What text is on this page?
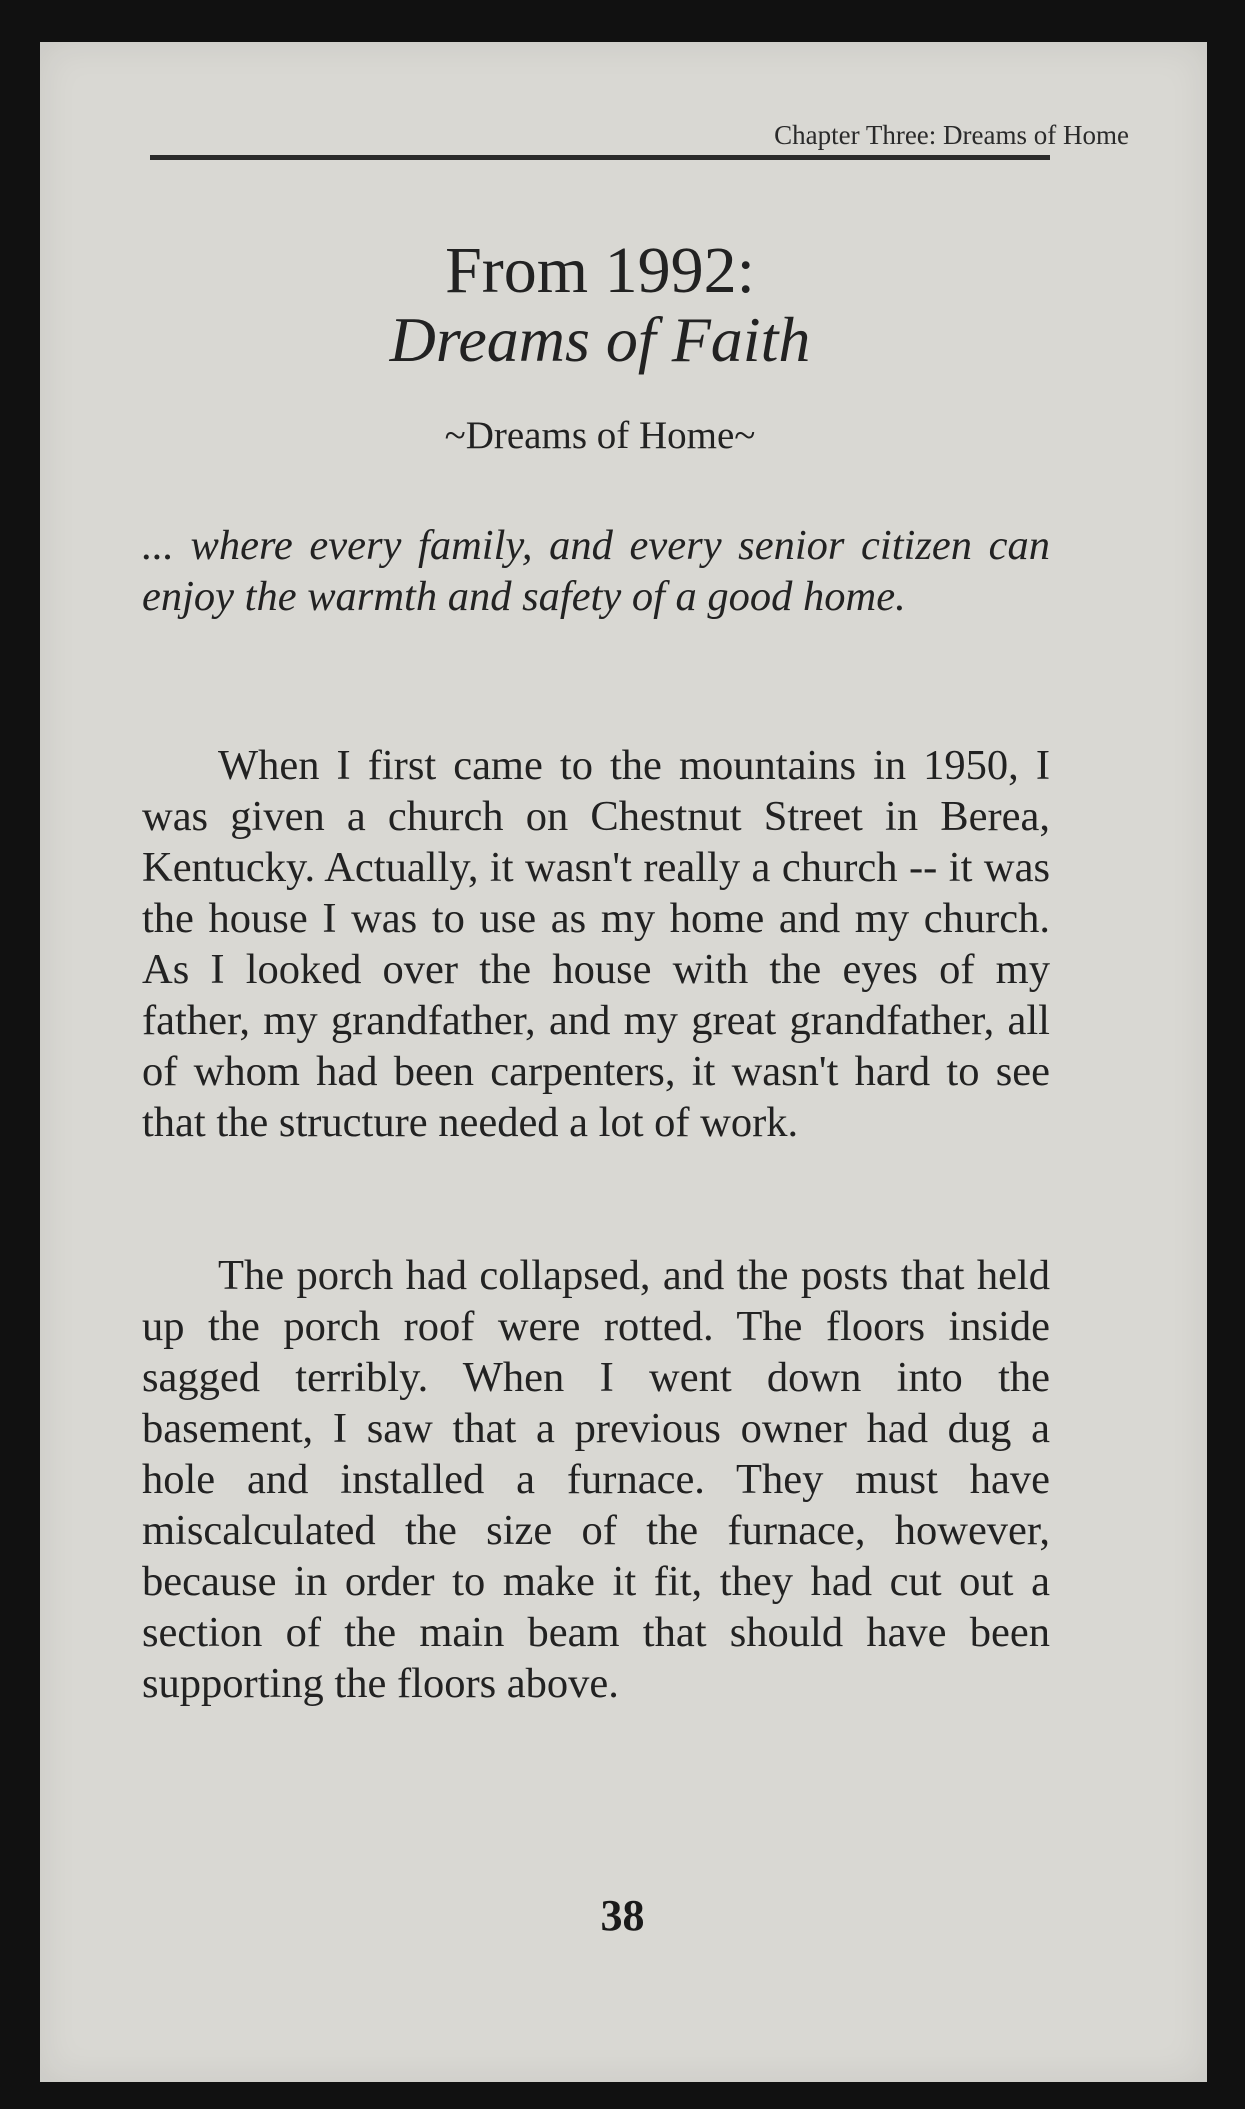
Chapter Three: Dreams of Home
From 1992:
Dreams of Faith
~Dreams of Home~

... where every family, and every senior citizen can enjoy the warmth and safety of a good home.

When I first came to the mountains in 1950, I was given a church on Chestnut Street in Berea, Kentucky. Actually, it wasn't really a church -- it was the house I was to use as my home and my church. As I looked over the house with the eyes of my father, my grandfather, and my great grandfather, all of whom had been carpenters, it wasn't hard to see that the structure needed a lot of work.

The porch had collapsed, and the posts that held up the porch roof were rotted. The floors inside sagged terribly. When I went down into the basement, I saw that a previous owner had dug a hole and installed a furnace. They must have miscalculated the size of the furnace, however, because in order to make it fit, they had cut out a section of the main beam that should have been supporting the floors above.

38
